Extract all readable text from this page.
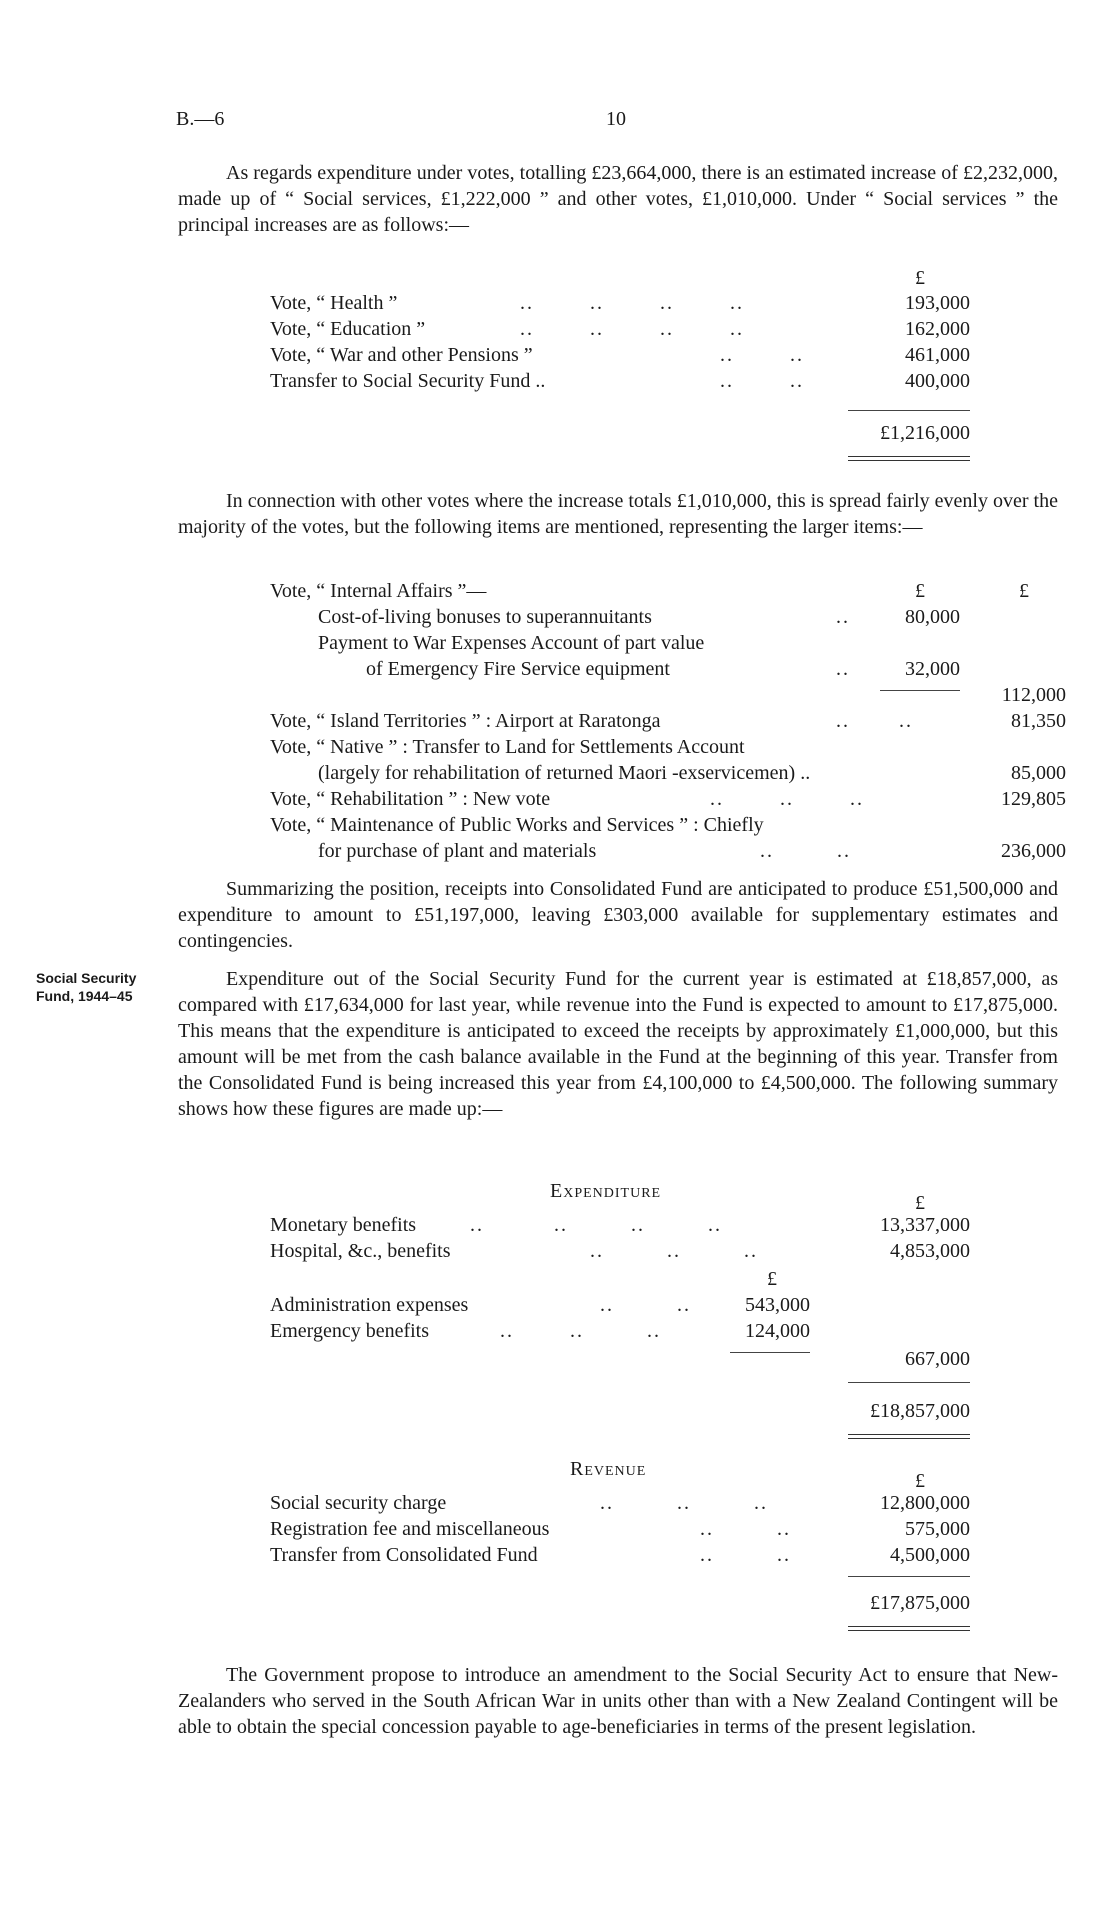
B.—6	10

As regards expenditure under votes, totalling £23,664,000, there is an estimated increase of £2,232,000, made up of “ Social services, £1,222,000 ” and other votes, £1,010,000. Under “ Social services ” the principal increases are as follows:—

£
Vote, “ Health ”	..        ..        ..        ..	193,000
Vote, “ Education ”	..        ..        ..        ..	162,000
Vote, “ War and other Pensions ”	..        ..	461,000
Transfer to Social Security Fund ..	..        ..	400,000
£1,216,000

In connection with other votes where the increase totals £1,010,000, this is spread fairly evenly over the majority of the votes, but the following items are mentioned, representing the larger items:—

Vote, “ Internal Affairs ”—	£	£
Cost-of-living bonuses to superannuitants	..	80,000
Payment to War Expenses Account of part value
of Emergency Fire Service equipment	..	32,000
112,000
Vote, “ Island Territories ” : Airport at Raratonga	..       ..	81,350
Vote, “ Native ” : Transfer to Land for Settlements Account
(largely for rehabilitation of returned Maori -exservicemen) ..	85,000
Vote, “ Rehabilitation ” : New vote	..        ..        ..	129,805
Vote, “ Maintenance of Public Works and Services ” : Chiefly
for purchase of plant and materials	..         ..	236,000

Summarizing the position, receipts into Consolidated Fund are anticipated to produce £51,500,000 and expenditure to amount to £51,197,000, leaving £303,000 available for supplementary estimates and contingencies.

Social Security
Fund, 1944–45

Expenditure out of the Social Security Fund for the current year is estimated at £18,857,000, as compared with £17,634,000 for last year, while revenue into the Fund is expected to amount to £17,875,000. This means that the expenditure is anticipated to exceed the receipts by approximately £1,000,000, but this amount will be met from the cash balance available in the Fund at the beginning of this year. Transfer from the Consolidated Fund is being increased this year from £4,100,000 to £4,500,000. The following summary shows how these figures are made up:—

Expenditure
£
Monetary benefits	..          ..         ..         ..	13,337,000
Hospital, &c., benefits	..         ..         ..	4,853,000
£
Administration expenses	..         ..	543,000
Emergency benefits	..        ..         ..	124,000
667,000
£18,857,000
Revenue
£
Social security charge	..         ..         ..	12,800,000
Registration fee and miscellaneous	..         ..	575,000
Transfer from Consolidated Fund	..         ..	4,500,000
£17,875,000

The Government propose to introduce an amendment to the Social Security Act to ensure that New-Zealanders who served in the South African War in units other than with a New Zealand Contingent will be able to obtain the special concession payable to age-beneficiaries in terms of the present legislation.
